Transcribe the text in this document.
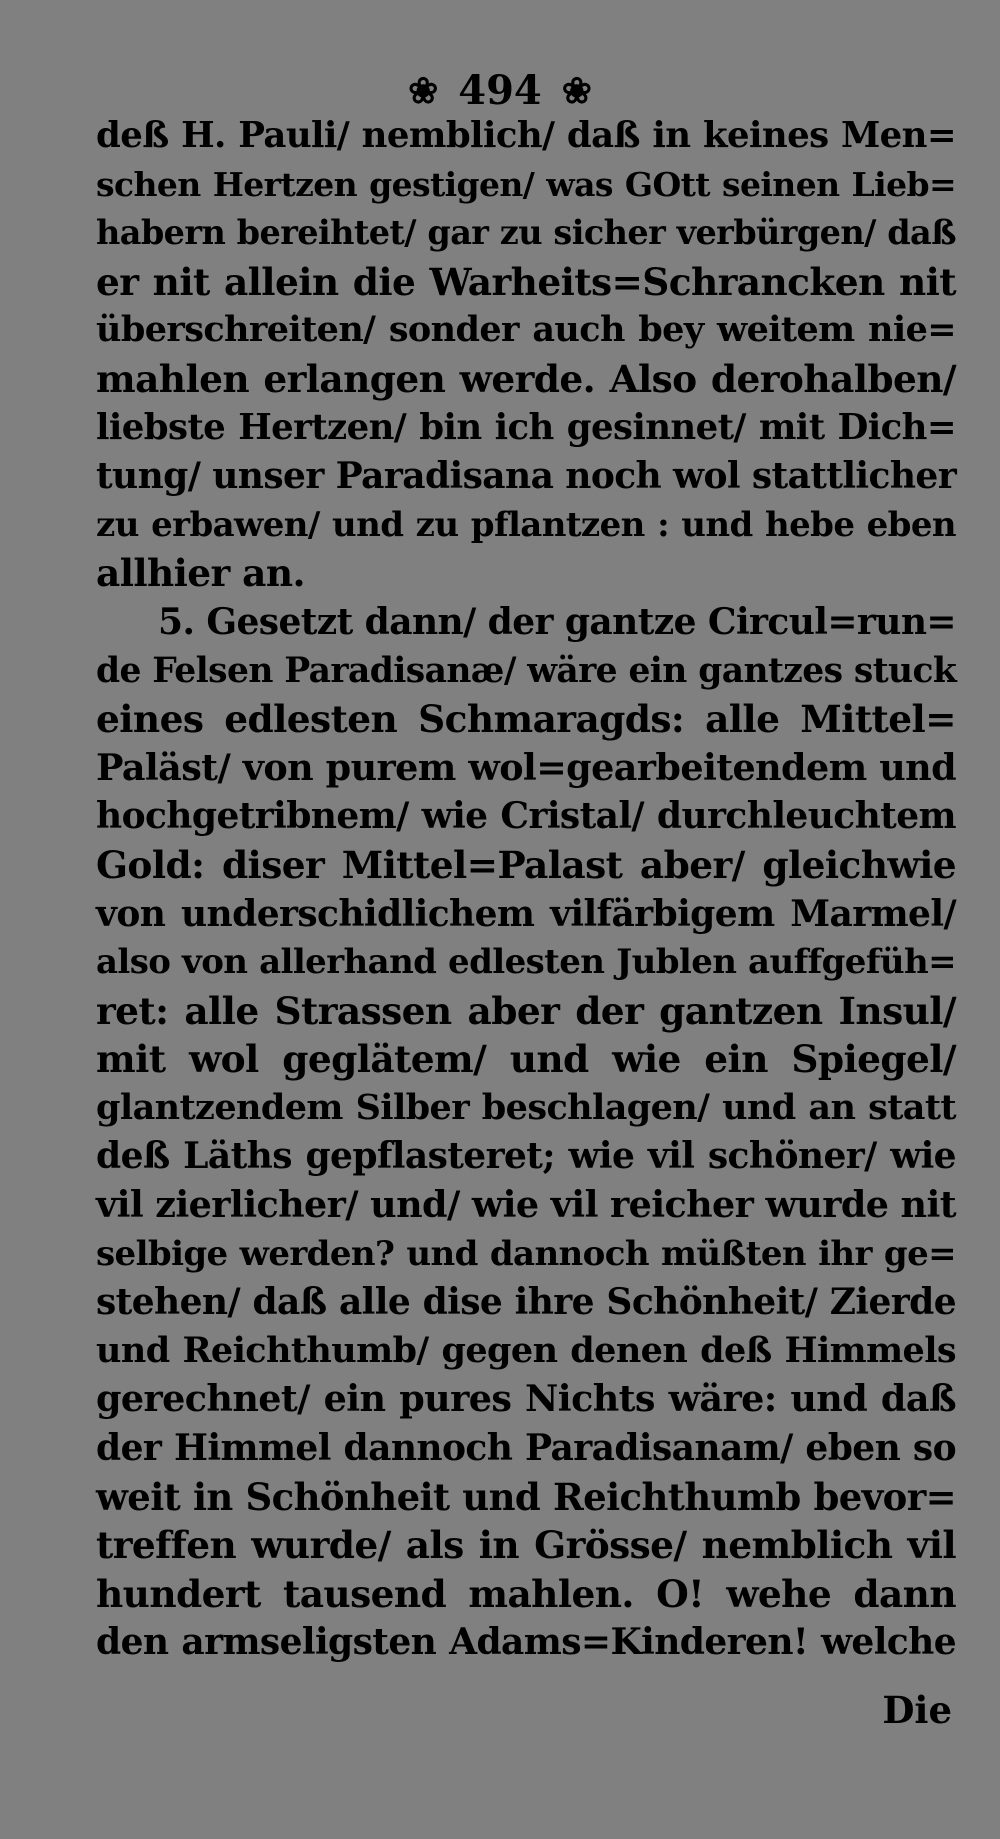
❀ 494 ❀
deß H. Pauli/ nemblich/ daß in keines Men=
schen Hertzen gestigen/ was GOtt seinen Lieb=
habern bereihtet/ gar zu sicher verbürgen/ daß
er nit allein die Warheits=Schrancken nit
überschreiten/ sonder auch bey weitem nie=
mahlen erlangen werde. Also derohalben/
liebste Hertzen/ bin ich gesinnet/ mit Dich=
tung/ unser Paradisana noch wol stattlicher
zu erbawen/ und zu pflantzen : und hebe eben
allhier an.
5. Gesetzt dann/ der gantze Circul=run=
de Felsen Paradisanæ/ wäre ein gantzes stuck
eines edlesten Schmaragds: alle Mittel=
Paläst/ von purem wol=gearbeitendem und
hochgetribnem/ wie Cristal/ durchleuchtem
Gold: diser Mittel=Palast aber/ gleichwie
von underschidlichem vilfärbigem Marmel/
also von allerhand edlesten Jublen auffgefüh=
ret: alle Strassen aber der gantzen Insul/
mit wol geglätem/ und wie ein Spiegel/
glantzendem Silber beschlagen/ und an statt
deß Läths gepflasteret; wie vil schöner/ wie
vil zierlicher/ und/ wie vil reicher wurde nit
selbige werden? und dannoch müßten ihr ge=
stehen/ daß alle dise ihre Schönheit/ Zierde
und Reichthumb/ gegen denen deß Himmels
gerechnet/ ein pures Nichts wäre: und daß
der Himmel dannoch Paradisanam/ eben so
weit in Schönheit und Reichthumb bevor=
treffen wurde/ als in Grösse/ nemblich vil
hundert tausend mahlen. O! wehe dann
den armseligsten Adams=Kinderen! welche
Die
